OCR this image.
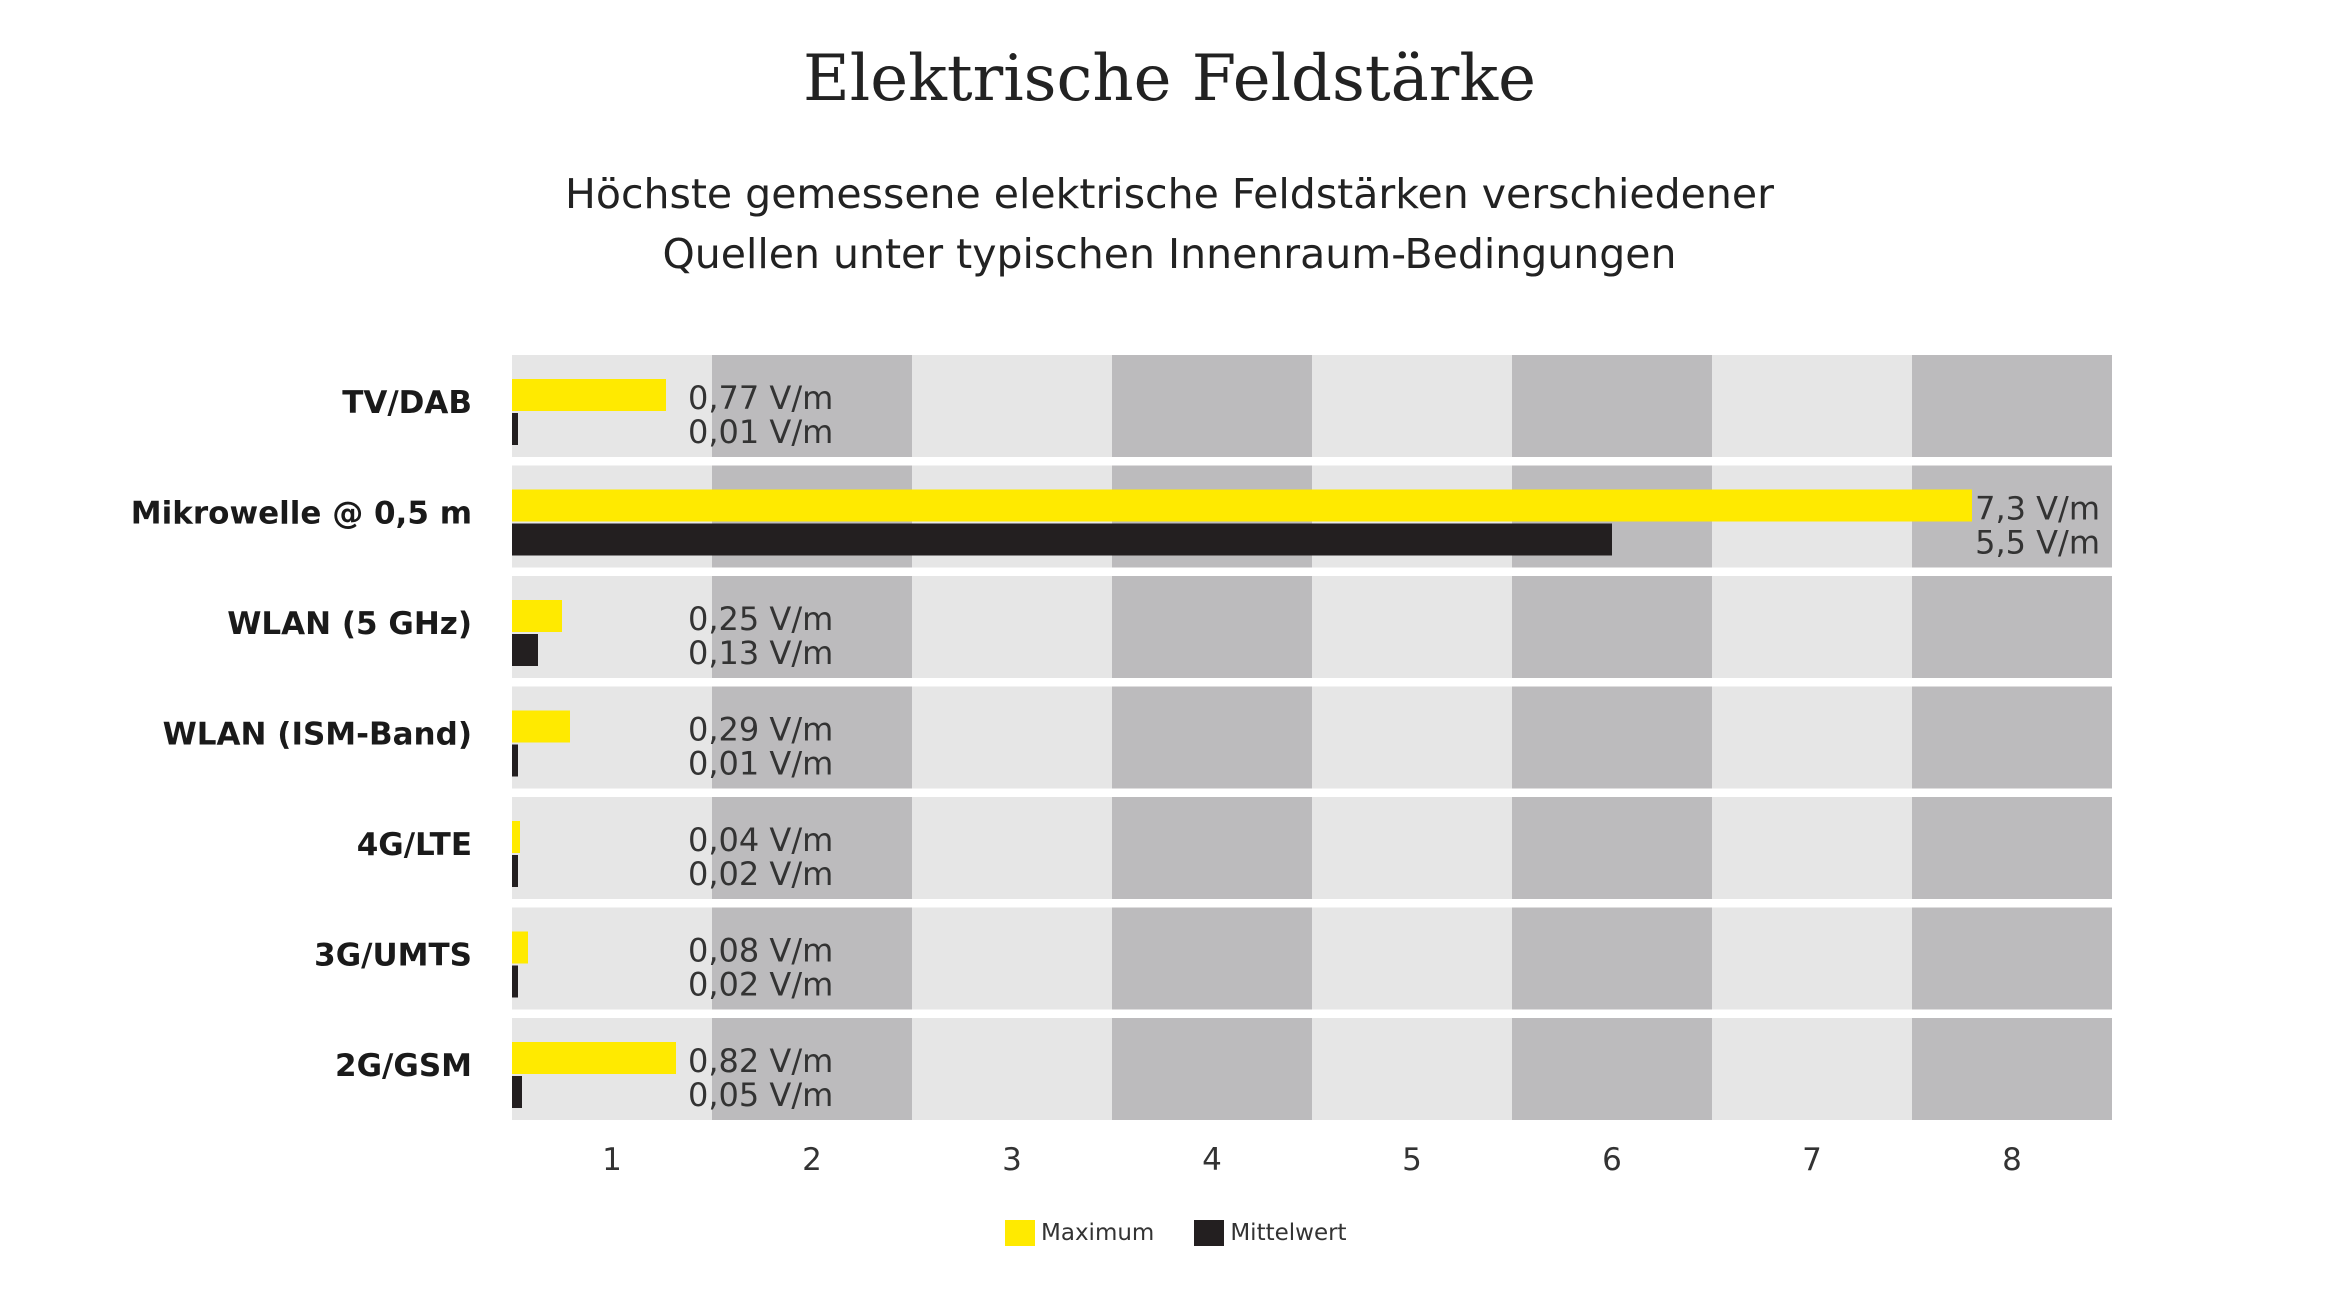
Elektrische Feldstärke
Höchste gemessene elektrische Feldstärken verschiedener
Quellen unter typischen Innenraum-Bedingungen
TV/DAB	0,77 V/m
0,01 V/m
Mikrowelle @ 0,5 m	7,3 V/m
5,5 V/m
WLAN (5 GHz)	0,25 V/m
0,13 V/m
WLAN (ISM-Band)	0,29 V/m
0,01 V/m
4G/LTE	0,04 V/m
0,02 V/m
3G/UMTS	0,08 V/m
0,02 V/m
2G/GSM	0,82 V/m
0,05 V/m
1	2	3	4	5	6	7	8
Maximum	Mittelwert
